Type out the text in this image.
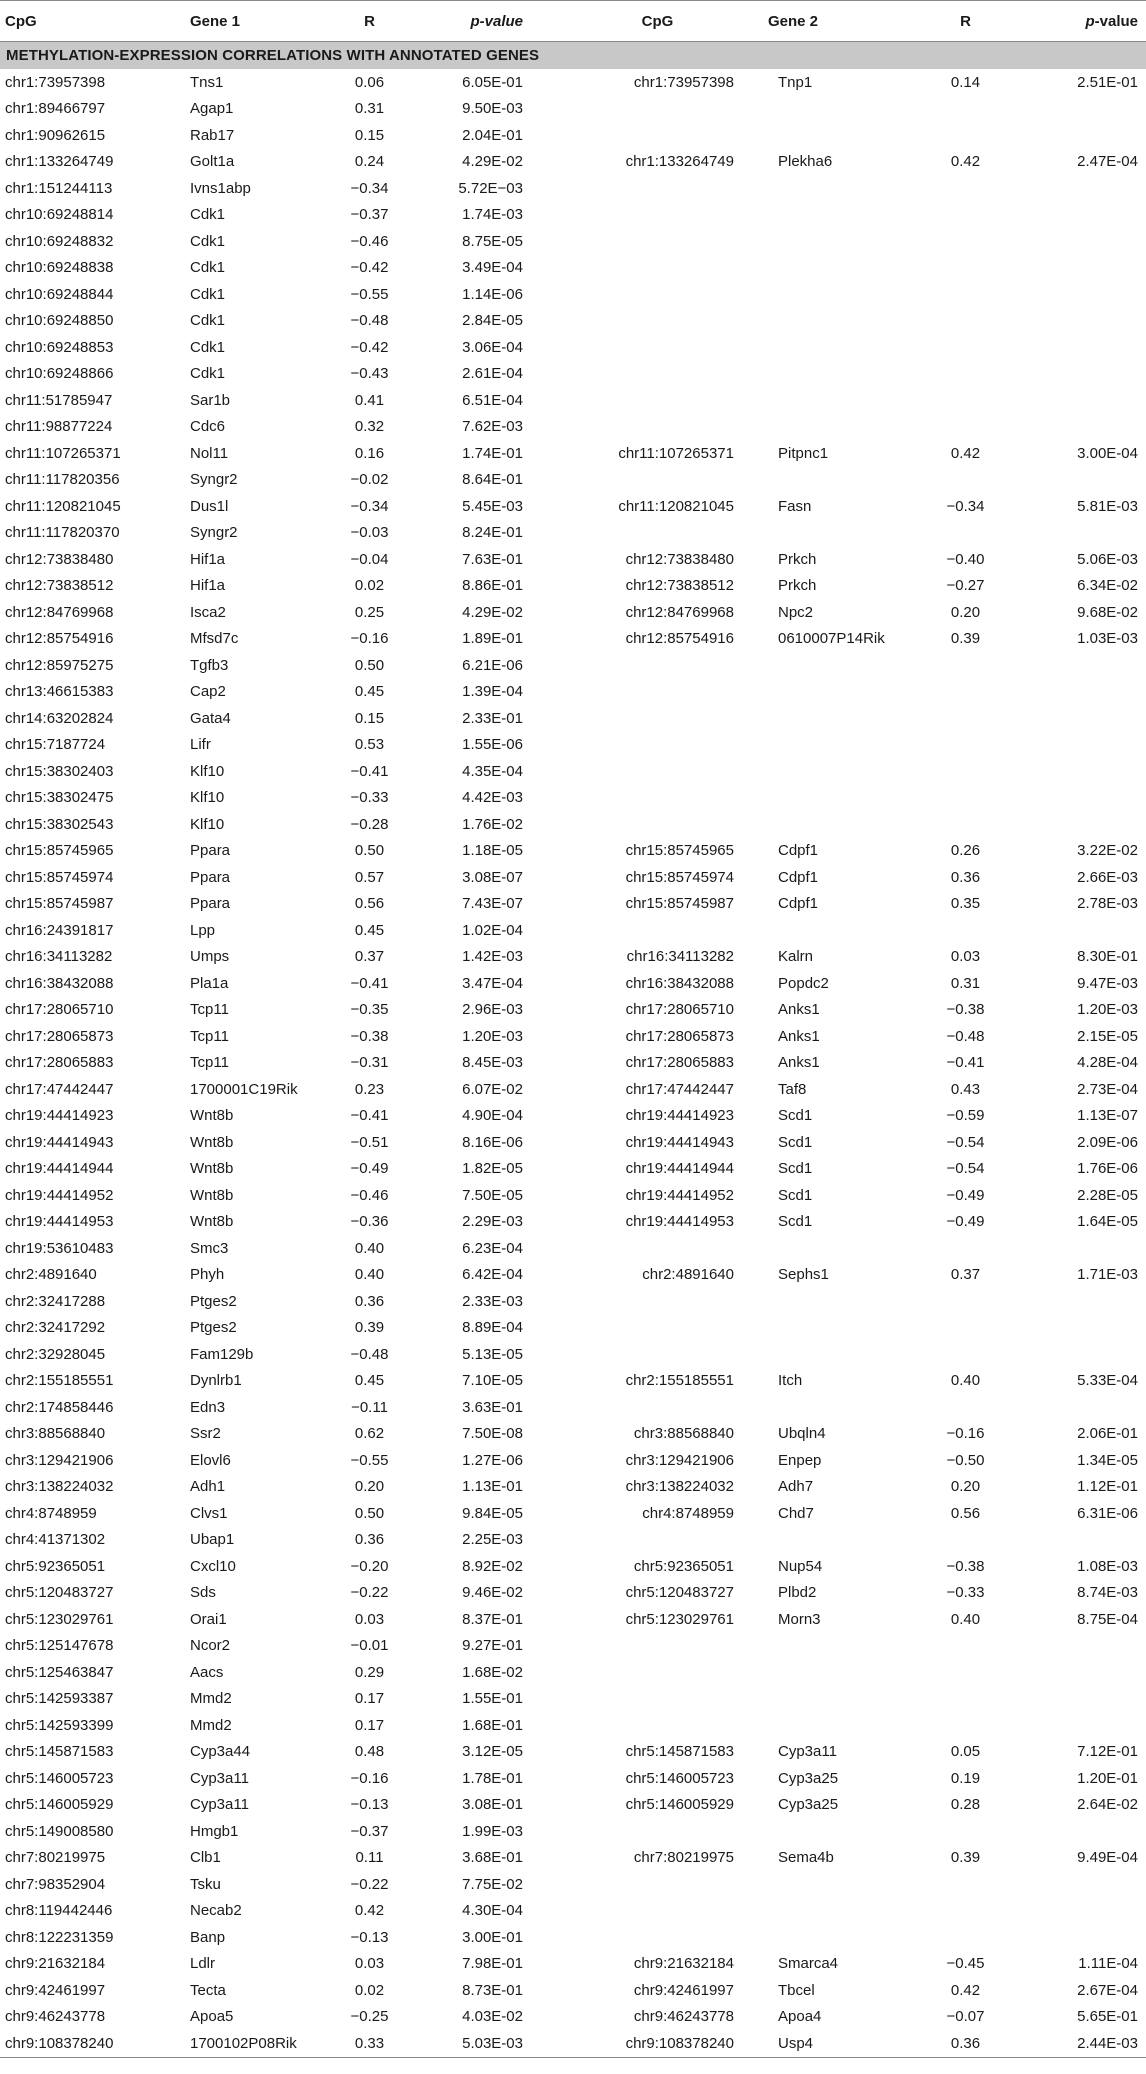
CpG	Gene 1	R	p-value	CpG	Gene 2	R	p-value
METHYLATION-EXPRESSION CORRELATIONS WITH ANNOTATED GENES							
chr1:73957398	Tns1	0.06	6.05E-01	chr1:73957398	Tnp1	0.14	2.51E-01
chr1:89466797	Agap1	0.31	9.50E-03				
chr1:90962615	Rab17	0.15	2.04E-01				
chr1:133264749	Golt1a	0.24	4.29E-02	chr1:133264749	Plekha6	0.42	2.47E-04
chr1:151244113	Ivns1abp	−0.34	5.72E−03				
chr10:69248814	Cdk1	−0.37	1.74E-03				
chr10:69248832	Cdk1	−0.46	8.75E-05				
chr10:69248838	Cdk1	−0.42	3.49E-04				
chr10:69248844	Cdk1	−0.55	1.14E-06				
chr10:69248850	Cdk1	−0.48	2.84E-05				
chr10:69248853	Cdk1	−0.42	3.06E-04				
chr10:69248866	Cdk1	−0.43	2.61E-04				
chr11:51785947	Sar1b	0.41	6.51E-04				
chr11:98877224	Cdc6	0.32	7.62E-03				
chr11:107265371	Nol11	0.16	1.74E-01	chr11:107265371	Pitpnc1	0.42	3.00E-04
chr11:117820356	Syngr2	−0.02	8.64E-01				
chr11:120821045	Dus1l	−0.34	5.45E-03	chr11:120821045	Fasn	−0.34	5.81E-03
chr11:117820370	Syngr2	−0.03	8.24E-01				
chr12:73838480	Hif1a	−0.04	7.63E-01	chr12:73838480	Prkch	−0.40	5.06E-03
chr12:73838512	Hif1a	0.02	8.86E-01	chr12:73838512	Prkch	−0.27	6.34E-02
chr12:84769968	Isca2	0.25	4.29E-02	chr12:84769968	Npc2	0.20	9.68E-02
chr12:85754916	Mfsd7c	−0.16	1.89E-01	chr12:85754916	0610007P14Rik	0.39	1.03E-03
chr12:85975275	Tgfb3	0.50	6.21E-06				
chr13:46615383	Cap2	0.45	1.39E-04				
chr14:63202824	Gata4	0.15	2.33E-01				
chr15:7187724	Lifr	0.53	1.55E-06				
chr15:38302403	Klf10	−0.41	4.35E-04				
chr15:38302475	Klf10	−0.33	4.42E-03				
chr15:38302543	Klf10	−0.28	1.76E-02				
chr15:85745965	Ppara	0.50	1.18E-05	chr15:85745965	Cdpf1	0.26	3.22E-02
chr15:85745974	Ppara	0.57	3.08E-07	chr15:85745974	Cdpf1	0.36	2.66E-03
chr15:85745987	Ppara	0.56	7.43E-07	chr15:85745987	Cdpf1	0.35	2.78E-03
chr16:24391817	Lpp	0.45	1.02E-04				
chr16:34113282	Umps	0.37	1.42E-03	chr16:34113282	Kalrn	0.03	8.30E-01
chr16:38432088	Pla1a	−0.41	3.47E-04	chr16:38432088	Popdc2	0.31	9.47E-03
chr17:28065710	Tcp11	−0.35	2.96E-03	chr17:28065710	Anks1	−0.38	1.20E-03
chr17:28065873	Tcp11	−0.38	1.20E-03	chr17:28065873	Anks1	−0.48	2.15E-05
chr17:28065883	Tcp11	−0.31	8.45E-03	chr17:28065883	Anks1	−0.41	4.28E-04
chr17:47442447	1700001C19Rik	0.23	6.07E-02	chr17:47442447	Taf8	0.43	2.73E-04
chr19:44414923	Wnt8b	−0.41	4.90E-04	chr19:44414923	Scd1	−0.59	1.13E-07
chr19:44414943	Wnt8b	−0.51	8.16E-06	chr19:44414943	Scd1	−0.54	2.09E-06
chr19:44414944	Wnt8b	−0.49	1.82E-05	chr19:44414944	Scd1	−0.54	1.76E-06
chr19:44414952	Wnt8b	−0.46	7.50E-05	chr19:44414952	Scd1	−0.49	2.28E-05
chr19:44414953	Wnt8b	−0.36	2.29E-03	chr19:44414953	Scd1	−0.49	1.64E-05
chr19:53610483	Smc3	0.40	6.23E-04				
chr2:4891640	Phyh	0.40	6.42E-04	chr2:4891640	Sephs1	0.37	1.71E-03
chr2:32417288	Ptges2	0.36	2.33E-03				
chr2:32417292	Ptges2	0.39	8.89E-04				
chr2:32928045	Fam129b	−0.48	5.13E-05				
chr2:155185551	Dynlrb1	0.45	7.10E-05	chr2:155185551	Itch	0.40	5.33E-04
chr2:174858446	Edn3	−0.11	3.63E-01				
chr3:88568840	Ssr2	0.62	7.50E-08	chr3:88568840	Ubqln4	−0.16	2.06E-01
chr3:129421906	Elovl6	−0.55	1.27E-06	chr3:129421906	Enpep	−0.50	1.34E-05
chr3:138224032	Adh1	0.20	1.13E-01	chr3:138224032	Adh7	0.20	1.12E-01
chr4:8748959	Clvs1	0.50	9.84E-05	chr4:8748959	Chd7	0.56	6.31E-06
chr4:41371302	Ubap1	0.36	2.25E-03				
chr5:92365051	Cxcl10	−0.20	8.92E-02	chr5:92365051	Nup54	−0.38	1.08E-03
chr5:120483727	Sds	−0.22	9.46E-02	chr5:120483727	Plbd2	−0.33	8.74E-03
chr5:123029761	Orai1	0.03	8.37E-01	chr5:123029761	Morn3	0.40	8.75E-04
chr5:125147678	Ncor2	−0.01	9.27E-01				
chr5:125463847	Aacs	0.29	1.68E-02				
chr5:142593387	Mmd2	0.17	1.55E-01				
chr5:142593399	Mmd2	0.17	1.68E-01				
chr5:145871583	Cyp3a44	0.48	3.12E-05	chr5:145871583	Cyp3a11	0.05	7.12E-01
chr5:146005723	Cyp3a11	−0.16	1.78E-01	chr5:146005723	Cyp3a25	0.19	1.20E-01
chr5:146005929	Cyp3a11	−0.13	3.08E-01	chr5:146005929	Cyp3a25	0.28	2.64E-02
chr5:149008580	Hmgb1	−0.37	1.99E-03				
chr7:80219975	Clb1	0.11	3.68E-01	chr7:80219975	Sema4b	0.39	9.49E-04
chr7:98352904	Tsku	−0.22	7.75E-02				
chr8:119442446	Necab2	0.42	4.30E-04				
chr8:122231359	Banp	−0.13	3.00E-01				
chr9:21632184	Ldlr	0.03	7.98E-01	chr9:21632184	Smarca4	−0.45	1.11E-04
chr9:42461997	Tecta	0.02	8.73E-01	chr9:42461997	Tbcel	0.42	2.67E-04
chr9:46243778	Apoa5	−0.25	4.03E-02	chr9:46243778	Apoa4	−0.07	5.65E-01
chr9:108378240	1700102P08Rik	0.33	5.03E-03	chr9:108378240	Usp4	0.36	2.44E-03
